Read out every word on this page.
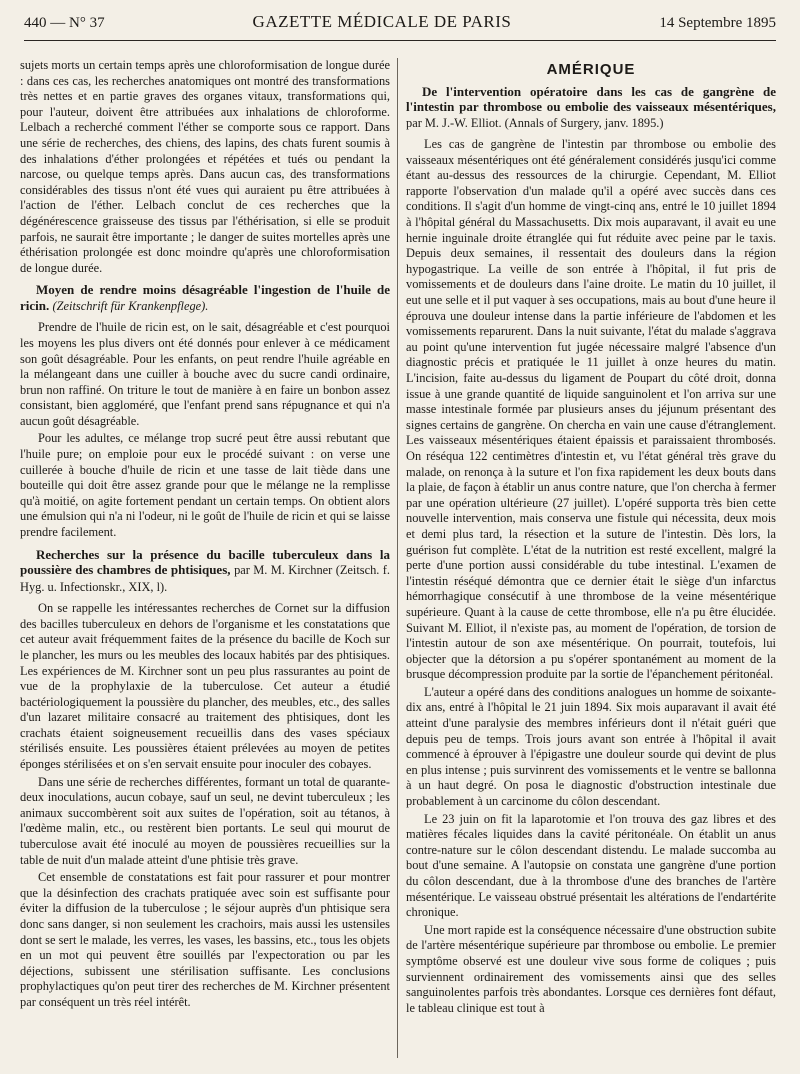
440 — N° 37	GAZETTE MÉDICALE DE PARIS	14 Septembre 1895

sujets morts un certain temps après une chloroformisation de longue durée : dans ces cas, les recherches anatomiques ont montré des transformations très nettes et en partie graves des organes vitaux, transformations qui, pour l'auteur, doivent être attribuées aux inhalations de chloroforme. Lelbach a recherché comment l'éther se comporte sous ce rapport. Dans une série de recherches, des chiens, des lapins, des chats furent soumis à des inhalations d'éther prolongées et répétées et tués ou pendant la narcose, ou quelque temps après. Dans aucun cas, des transformations considérables des tissus n'ont été vues qui auraient pu être attribuées à l'action de l'éther. Lelbach conclut de ces recherches que la dégénérescence graisseuse des tissus par l'éthérisation, si elle se produit parfois, ne saurait être importante ; le danger de suites mortelles après une éthérisation prolongée est donc moindre qu'après une chloroformisation de longue durée.

Moyen de rendre moins désagréable l'ingestion de l'huile de ricin. (Zeitschrift für Krankenpflege).

Prendre de l'huile de ricin est, on le sait, désagréable et c'est pourquoi les moyens les plus divers ont été donnés pour enlever à ce médicament son goût désagréable. Pour les enfants, on peut rendre l'huile agréable en la mélangeant dans une cuiller à bouche avec du sucre candi ordinaire, brun non raffiné. On triture le tout de manière à en faire un bonbon assez consistant, bien aggloméré, que l'enfant prend sans répugnance et qui n'a aucun goût désagréable.

Pour les adultes, ce mélange trop sucré peut être aussi rebutant que l'huile pure; on emploie pour eux le procédé suivant : on verse une cuillerée à bouche d'huile de ricin et une tasse de lait tiède dans une bouteille qui doit être assez grande pour que le mélange ne la remplisse qu'à moitié, on agite fortement pendant un certain temps. On obtient alors une émulsion qui n'a ni l'odeur, ni le goût de l'huile de ricin et qui se laisse prendre facilement.

Recherches sur la présence du bacille tuberculeux dans la poussière des chambres de phtisiques, par M. M. Kirchner (Zeitsch. f. Hyg. u. Infectionskr., XIX, l).

On se rappelle les intéressantes recherches de Cornet sur la diffusion des bacilles tuberculeux en dehors de l'organisme et les constatations que cet auteur avait fréquemment faites de la présence du bacille de Koch sur le plancher, les murs ou les meubles des locaux habités par des phtisiques. Les expériences de M. Kirchner sont un peu plus rassurantes au point de vue de la prophylaxie de la tuberculose. Cet auteur a étudié bactériologiquement la poussière du plancher, des meubles, etc., des salles d'un lazaret militaire consacré au traitement des phtisiques, dont les crachats étaient soigneusement recueillis dans des vases spéciaux stérilisés ensuite. Les poussières étaient prélevées au moyen de petites éponges stérilisées et on s'en servait ensuite pour inoculer des cobayes.

Dans une série de recherches différentes, formant un total de quarante-deux inoculations, aucun cobaye, sauf un seul, ne devint tuberculeux ; les animaux succombèrent soit aux suites de l'opération, soit au tétanos, à l'œdème malin, etc., ou restèrent bien portants. Le seul qui mourut de tuberculose avait été inoculé au moyen de poussières recueillies sur la table de nuit d'un malade atteint d'une phtisie très grave.

Cet ensemble de constatations est fait pour rassurer et pour montrer que la désinfection des crachats pratiquée avec soin est suffisante pour éviter la diffusion de la tuberculose ; le séjour auprès d'un phtisique sera donc sans danger, si non seulement les crachoirs, mais aussi les ustensiles dont se sert le malade, les verres, les vases, les bassins, etc., tous les objets en un mot qui peuvent être souillés par l'expectoration ou par les déjections, subissent une stérilisation suffisante. Les conclusions prophylactiques qu'on peut tirer des recherches de M. Kirchner présentent par conséquent un très réel intérêt.

AMÉRIQUE
De l'intervention opératoire dans les cas de gangrène de l'intestin par thrombose ou embolie des vaisseaux mésentériques, par M. J.-W. Elliot. (Annals of Surgery, janv. 1895.)

Les cas de gangrène de l'intestin par thrombose ou embolie des vaisseaux mésentériques ont été généralement considérés jusqu'ici comme étant au-dessus des ressources de la chirurgie. Cependant, M. Elliot rapporte l'observation d'un malade qu'il a opéré avec succès dans ces conditions. Il s'agit d'un homme de vingt-cinq ans, entré le 10 juillet 1894 à l'hôpital général du Massachusetts. Dix mois auparavant, il avait eu une hernie inguinale droite étranglée qui fut réduite avec peine par le taxis. Depuis deux semaines, il ressentait des douleurs dans la région hypogastrique. La veille de son entrée à l'hôpital, il fut pris de vomissements et de douleurs dans l'aine droite. Le matin du 10 juillet, il eut une selle et il put vaquer à ses occupations, mais au bout d'une heure il éprouva une douleur intense dans la partie inférieure de l'abdomen et les vomissements reparurent. Dans la nuit suivante, l'état du malade s'aggrava au point qu'une intervention fut jugée nécessaire malgré l'absence d'un diagnostic précis et pratiquée le 11 juillet à onze heures du matin. L'incision, faite au-dessus du ligament de Poupart du côté droit, donna issue à une grande quantité de liquide sanguinolent et l'on arriva sur une masse intestinale formée par plusieurs anses du jéjunum présentant des signes certains de gangrène. On chercha en vain une cause d'étranglement. Les vaisseaux mésentériques étaient épaissis et paraissaient thrombosés. On réséqua 122 centimètres d'intestin et, vu l'état général très grave du malade, on renonça à la suture et l'on fixa rapidement les deux bouts dans la plaie, de façon à établir un anus contre nature, que l'on chercha à fermer par une opération ultérieure (27 juillet). L'opéré supporta très bien cette nouvelle intervention, mais conserva une fistule qui nécessita, deux mois et demi plus tard, la résection et la suture de l'intestin. Dès lors, la guérison fut complète. L'état de la nutrition est resté excellent, malgré la perte d'une portion aussi considérable du tube intestinal. L'examen de l'intestin réséqué démontra que ce dernier était le siège d'un infarctus hémorrhagique consécutif à une thrombose de la veine mésentérique supérieure. Quant à la cause de cette thrombose, elle n'a pu être élucidée. Suivant M. Elliot, il n'existe pas, au moment de l'opération, de torsion de l'intestin autour de son axe mésentérique. On pourrait, toutefois, lui objecter que la détorsion a pu s'opérer spontanément au moment de la brusque décompression produite par la sortie de l'épanchement péritonéal.

L'auteur a opéré dans des conditions analogues un homme de soixante-dix ans, entré à l'hôpital le 21 juin 1894. Six mois auparavant il avait été atteint d'une paralysie des membres inférieurs dont il n'était guéri que depuis peu de temps. Trois jours avant son entrée à l'hôpital il avait commencé à éprouver à l'épigastre une douleur sourde qui devint de plus en plus intense ; puis survinrent des vomissements et le ventre se ballonna à un haut degré. On posa le diagnostic d'obstruction intestinale due probablement à un carcinome du côlon descendant.

Le 23 juin on fit la laparotomie et l'on trouva des gaz libres et des matières fécales liquides dans la cavité péritonéale. On établit un anus contre-nature sur le côlon descendant distendu. Le malade succomba au bout d'une semaine. A l'autopsie on constata une gangrène d'une portion du côlon descendant, due à la thrombose d'une des branches de l'artère mésentérique. Le vaisseau obstrué présentait les altérations de l'endartérite chronique.

Une mort rapide est la conséquence nécessaire d'une obstruction subite de l'artère mésentérique supérieure par thrombose ou embolie. Le premier symptôme observé est une douleur vive sous forme de coliques ; puis surviennent ordinairement des vomissements ainsi que des selles sanguinolentes parfois très abondantes. Lorsque ces dernières font défaut, le tableau clinique est tout à
